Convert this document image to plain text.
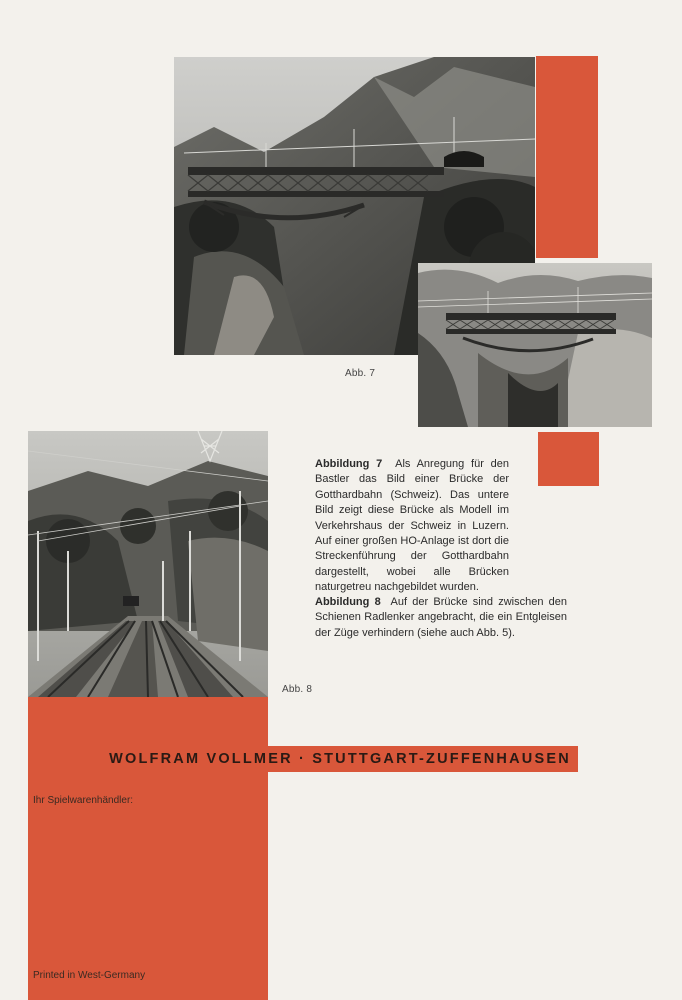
Abb. 7
Abb. 8
Abbildung 7 Als Anregung für den Bastler das Bild einer Brücke der Gotthardbahn (Schweiz). Das untere Bild zeigt diese Brücke als Modell im Verkehrshaus der Schweiz in Luzern. Auf einer großen HO-Anlage ist dort die Streckenführung der Gotthardbahn dargestellt, wobei alle Brücken naturgetreu nachgebildet wurden.
Abbildung 8 Auf der Brücke sind zwischen den Schienen Radlenker angebracht, die ein Entgleisen der Züge verhindern (siehe auch Abb. 5).
WOLFRAM VOLLMER · STUTTGART-ZUFFENHAUSEN
Ihr Spielwarenhändler:
Printed in West-Germany
